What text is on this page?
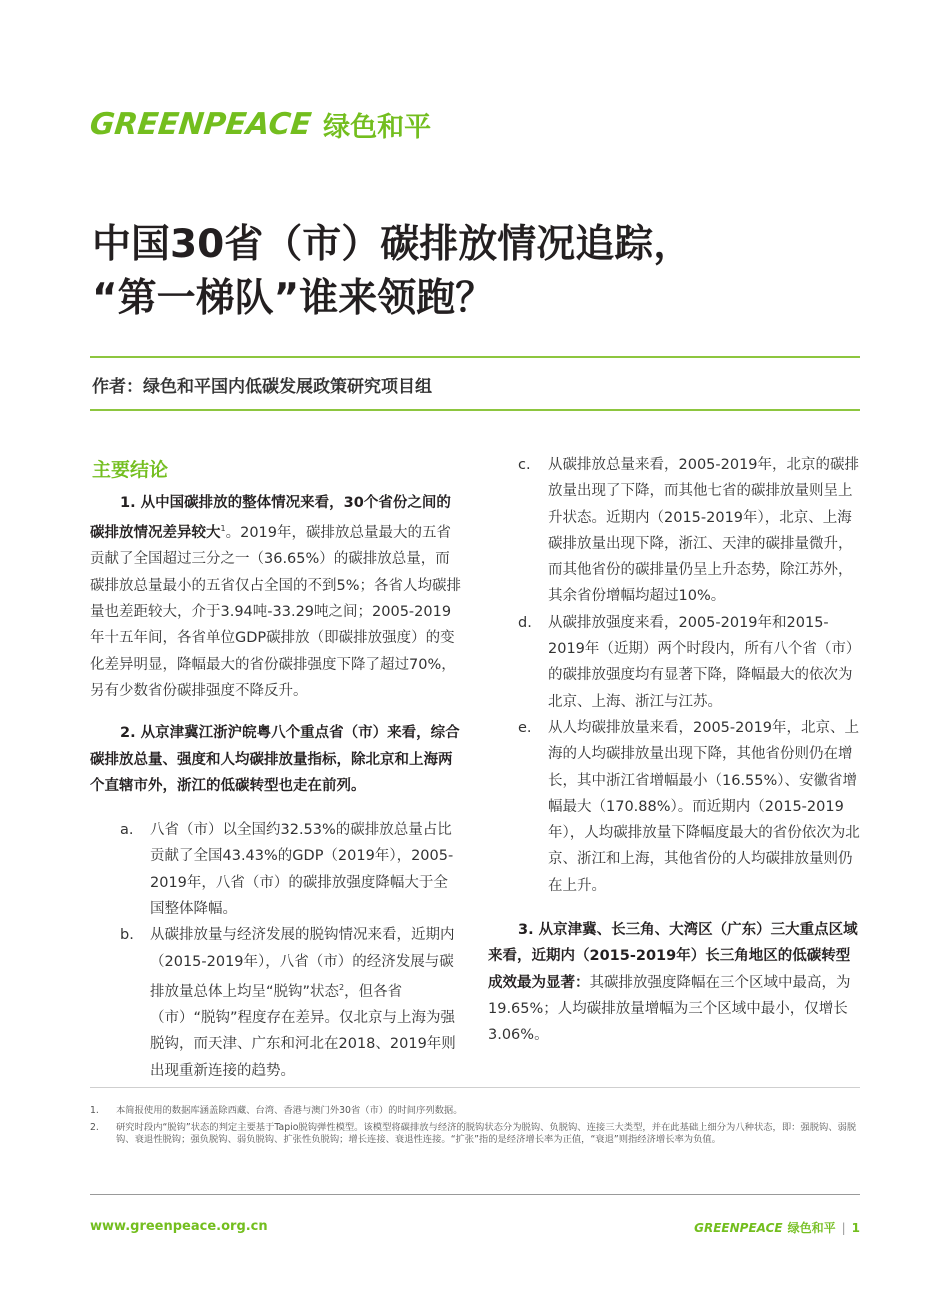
GREENPEACE 绿色和平
中国30省（市）碳排放情况追踪，
“第一梯队”谁来领跑？
作者：绿色和平国内低碳发展政策研究项目组
主要结论

1. 从中国碳排放的整体情况来看，30个省份之间的碳排放情况差异较大$^1$。2019年，碳排放总量最大的五省贡献了全国超过三分之一（36.65%）的碳排放总量，而碳排放总量最小的五省仅占全国的不到5%；各省人均碳排量也差距较大，介于3.94吨-33.29吨之间；2005-2019年十五年间，各省单位GDP碳排放（即碳排放强度）的变化差异明显，降幅最大的省份碳排强度下降了超过70%，另有少数省份碳排强度不降反升。

2. 从京津冀江浙沪皖粤八个重点省（市）来看，综合碳排放总量、强度和人均碳排放量指标，除北京和上海两个直辖市外，浙江的低碳转型也走在前列。

a.	八省（市）以全国约32.53%的碳排放总量占比贡献了全国43.43%的GDP（2019年），2005-2019年，八省（市）的碳排放强度降幅大于全国整体降幅。
b.	从碳排放量与经济发展的脱钩情况来看，近期内（2015-2019年），八省（市）的经济发展与碳排放量总体上均呈“脱钩”状态$^2$，但各省（市）“脱钩”程度存在差异。仅北京与上海为强脱钩，而天津、广东和河北在2018、2019年则出现重新连接的趋势。
c.	从碳排放总量来看，2005-2019年，北京的碳排放量出现了下降，而其他七省的碳排放量则呈上升状态。近期内（2015-2019年），北京、上海碳排放量出现下降，浙江、天津的碳排量微升，而其他省份的碳排量仍呈上升态势，除江苏外，其余省份增幅均超过10%。
d.	从碳排放强度来看，2005-2019年和2015-2019年（近期）两个时段内，所有八个省（市）的碳排放强度均有显著下降，降幅最大的依次为北京、上海、浙江与江苏。
e.	从人均碳排放量来看，2005-2019年，北京、上海的人均碳排放量出现下降，其他省份则仍在增长，其中浙江省增幅最小（16.55%）、安徽省增幅最大（170.88%）。而近期内（2015-2019年），人均碳排放量下降幅度最大的省份依次为北京、浙江和上海，其他省份的人均碳排放量则仍在上升。

3. 从京津冀、长三角、大湾区（广东）三大重点区域来看，近期内（2015-2019年）长三角地区的低碳转型成效最为显著：其碳排放强度降幅在三个区域中最高，为19.65%；人均碳排放量增幅为三个区域中最小，仅增长3.06%。

1.	本简报使用的数据库涵盖除西藏、台湾、香港与澳门外30省（市）的时间序列数据。
2.	研究时段内“脱钩”状态的判定主要基于Tapio脱钩弹性模型。该模型将碳排放与经济的脱钩状态分为脱钩、负脱钩、连接三大类型，并在此基础上细分为八种状态，即：强脱钩、弱脱钩、衰退性脱钩；强负脱钩、弱负脱钩、扩张性负脱钩；增长连接、衰退性连接。“扩张”指的是经济增长率为正值，“衰退”则指经济增长率为负值。
www.greenpeace.org.cn	GREENPEACE 绿色和平 | 1
